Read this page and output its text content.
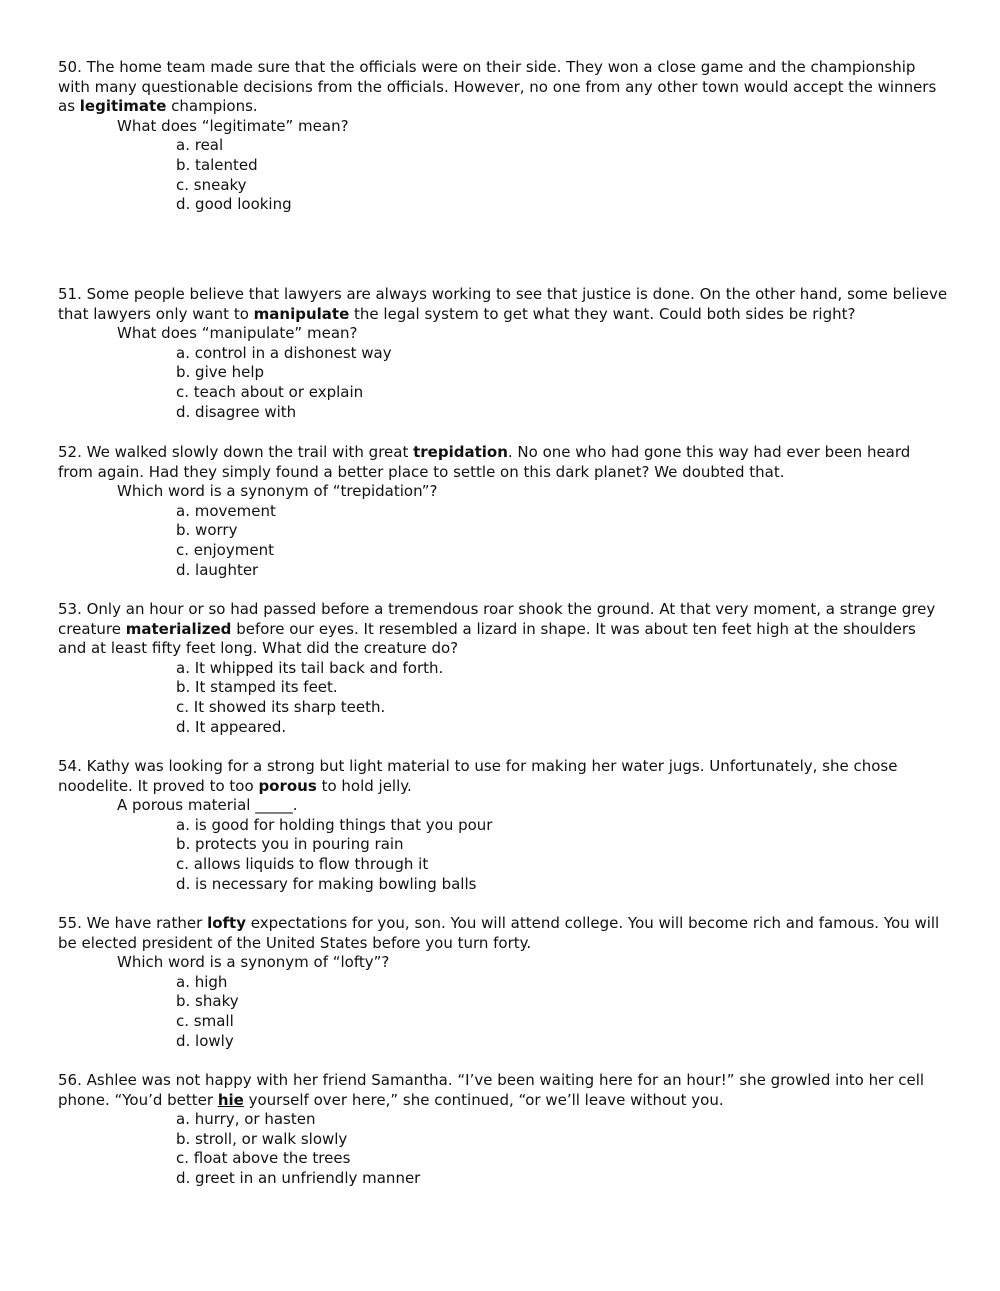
50. The home team made sure that the officials were on their side. They won a close game and the championship with many questionable decisions from the officials. However, no one from any other town would accept the winners as legitimate champions.

What does “legitimate” mean?

a. real
b. talented
c. sneaky
d. good looking

51. Some people believe that lawyers are always working to see that justice is done. On the other hand, some believe that lawyers only want to manipulate the legal system to get what they want. Could both sides be right?

What does “manipulate” mean?

a. control in a dishonest way
b. give help
c. teach about or explain
d. disagree with

52. We walked slowly down the trail with great trepidation. No one who had gone this way had ever been heard from again. Had they simply found a better place to settle on this dark planet? We doubted that.

Which word is a synonym of “trepidation”?

a. movement
b. worry
c. enjoyment
d. laughter

53. Only an hour or so had passed before a tremendous roar shook the ground. At that very moment, a strange grey creature materialized before our eyes. It resembled a lizard in shape. It was about ten feet high at the shoulders and at least fifty feet long. What did the creature do?

a. It whipped its tail back and forth.
b. It stamped its feet.
c. It showed its sharp teeth.
d. It appeared.

54. Kathy was looking for a strong but light material to use for making her water jugs. Unfortunately, she chose noodelite. It proved to too porous to hold jelly.

A porous material _____.

a. is good for holding things that you pour
b. protects you in pouring rain
c. allows liquids to flow through it
d. is necessary for making bowling balls

55. We have rather lofty expectations for you, son. You will attend college. You will become rich and famous. You will be elected president of the United States before you turn forty.

Which word is a synonym of “lofty”?

a. high
b. shaky
c. small
d. lowly

56. Ashlee was not happy with her friend Samantha. “I’ve been waiting here for an hour!” she growled into her cell phone. “You’d better hie yourself over here,” she continued, “or we’ll leave without you.

a. hurry, or hasten
b. stroll, or walk slowly
c. float above the trees
d. greet in an unfriendly manner
